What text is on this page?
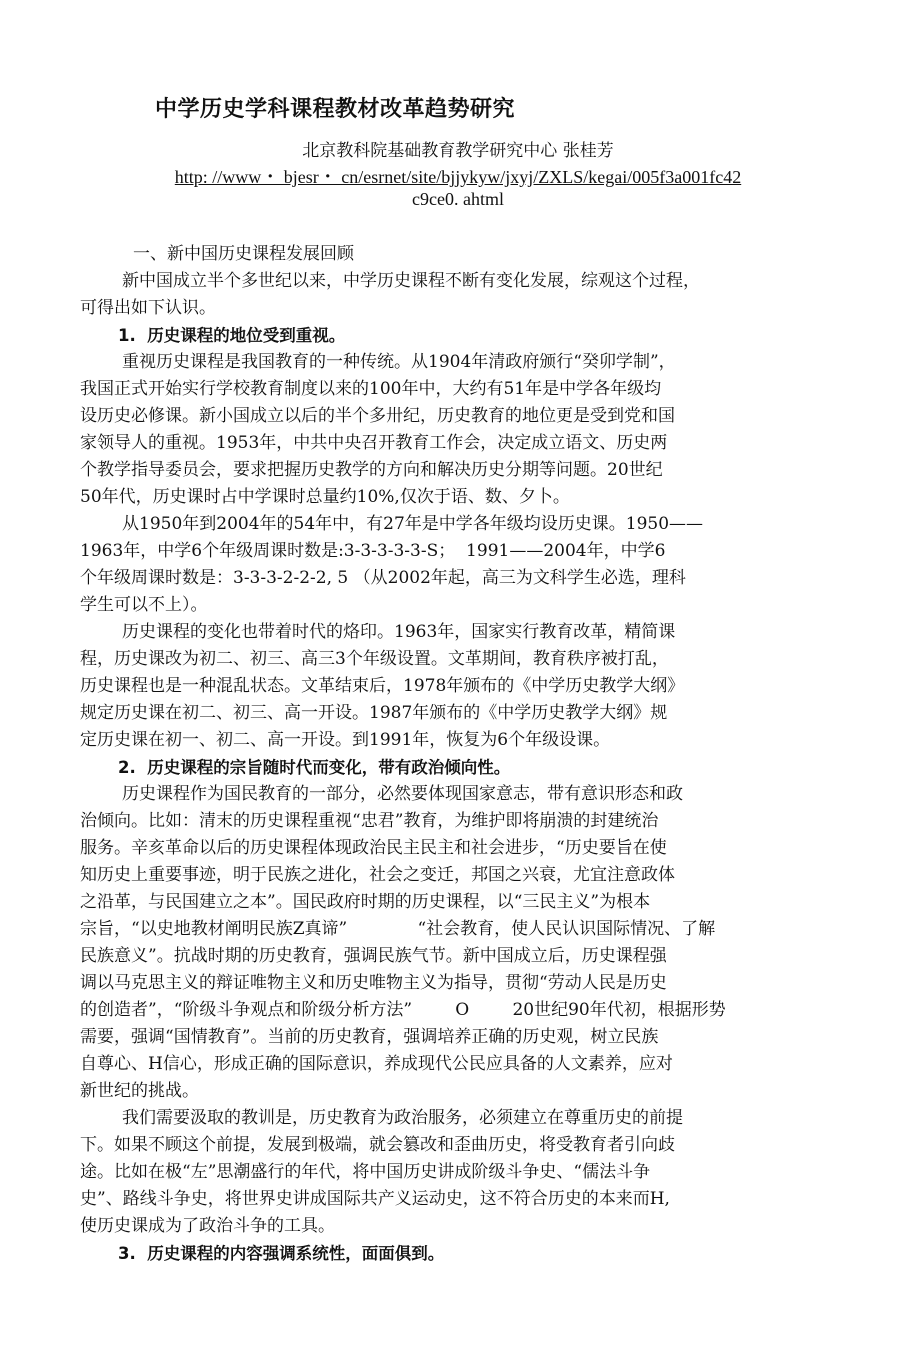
中学历史学科课程教材改革趋势研究
北京教科院基础教育教学研究中心 张桂芳
http: //www・ bjesr・ cn/esrnet/site/bjjykyw/jxyj/ZXLS/kegai/005f3a001fc42
c9ce0. ahtml
一、新中国历史课程发展回顾
新中国成立半个多世纪以来，中学历史课程不断有变化发展，综观这个过程，
可得出如下认识。
1.  历史课程的地位受到重视。
重视历史课程是我国教育的一种传统。从1904年清政府颁行“癸卯学制”，
我国正式开始实行学校教育制度以来的100年中，大约有51年是中学各年级均
设历史必修课。新小国成立以后的半个多卅纪，历史教育的地位更是受到党和国
家领导人的重视。1953年，中共中央召开教育工作会，决定成立语文、历史两
个教学指导委员会，要求把握历史教学的方向和解决历史分期等问题。20世纪
50年代，历史课时占中学课时总量约10%,仅次于语、数、夕卜。
从1950年到2004年的54年中，有27年是中学各年级均设历史课。1950——
1963年，中学6个年级周课时数是:3-3-3-3-3-S；  1991——2004年，中学6
个年级周课时数是：3-3-3-2-2-2, 5 （从2002年起，高三为文科学生必选，理科
学生可以不上）。
历史课程的变化也带着时代的烙印。1963年，国家实行教育改革，精简课
程，历史课改为初二、初三、高三3个年级设置。文革期间，教育秩序被打乱，
历史课程也是一种混乱状态。文革结束后，1978年颁布的《中学历史教学大纲》
规定历史课在初二、初三、高一开设。1987年颁布的《中学历史教学大纲》规
定历史课在初一、初二、高一开设。到1991年，恢复为6个年级设课。
2.  历史课程的宗旨随时代而变化，带有政治倾向性。
历史课程作为国民教育的一部分，必然要体现国家意志，带有意识形态和政
治倾向。比如：清末的历史课程重视“忠君”教育，为维护即将崩溃的封建统治
服务。辛亥革命以后的历史课程体现政治民主民主和社会进步，“历史要旨在使
知历史上重要事迹，明于民族之进化，社会之变迁，邦国之兴衰，尤宜注意政体
之沿革，与民国建立之本”。国民政府时期的历史课程，以“三民主义”为根本
宗旨，“以史地教材阐明民族Z真谛”             “社会教育，使人民认识国际情况、了解
民族意义”。抗战时期的历史教育，强调民族气节。新中国成立后，历史课程强
调以马克思主义的辩证唯物主义和历史唯物主义为指导，贯彻“劳动人民是历史
的创造者”，“阶级斗争观点和阶级分析方法”        O        20世纪90年代初，根据形势
需要，强调“国情教育”。当前的历史教育，强调培养正确的历史观，树立民族
自尊心、H信心，形成正确的国际意识，养成现代公民应具备的人文素养，应对
新世纪的挑战。
我们需要汲取的教训是，历史教育为政治服务，必须建立在尊重历史的前提
下。如果不顾这个前提，发展到极端，就会篡改和歪曲历史，将受教育者引向歧
途。比如在极“左”思潮盛行的年代，将中国历史讲成阶级斗争史、“儒法斗争
史”、路线斗争史，将世界史讲成国际共产义运动史，这不符合历史的本来而H,
使历史课成为了政治斗争的工具。
3.  历史课程的内容强调系统性，面面俱到。
